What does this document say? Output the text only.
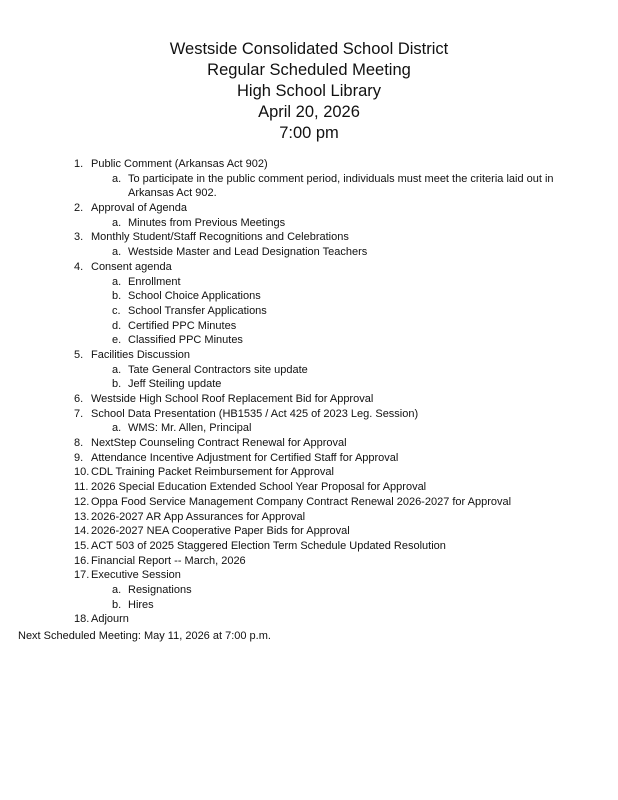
Westside Consolidated School District
Regular Scheduled Meeting
High School Library
April 20, 2026
7:00 pm
1. Public Comment (Arkansas Act 902)
a. To participate in the public comment period, individuals must meet the criteria laid out in
Arkansas Act 902.
2. Approval of Agenda
a. Minutes from Previous Meetings
3. Monthly Student/Staff Recognitions and Celebrations
a. Westside Master and Lead Designation Teachers
4. Consent agenda
a. Enrollment
b. School Choice Applications
c. School Transfer Applications
d. Certified PPC Minutes
e. Classified PPC Minutes
5. Facilities Discussion
a. Tate General Contractors site update
b. Jeff Steiling update
6. Westside High School Roof Replacement Bid for Approval
7. School Data Presentation (HB1535 / Act 425 of 2023 Leg. Session)
a. WMS: Mr. Allen, Principal
8. NextStep Counseling Contract Renewal for Approval
9. Attendance Incentive Adjustment for Certified Staff for Approval
10. CDL Training Packet Reimbursement for Approval
11. 2026 Special Education Extended School Year Proposal for Approval
12. Oppa Food Service Management Company Contract Renewal 2026-2027 for Approval
13. 2026-2027 AR App Assurances for Approval
14. 2026-2027 NEA Cooperative Paper Bids for Approval
15. ACT 503 of 2025 Staggered Election Term Schedule Updated Resolution
16. Financial Report -- March, 2026
17. Executive Session
a. Resignations
b. Hires
18. Adjourn
Next Scheduled Meeting: May 11, 2026 at 7:00 p.m.
